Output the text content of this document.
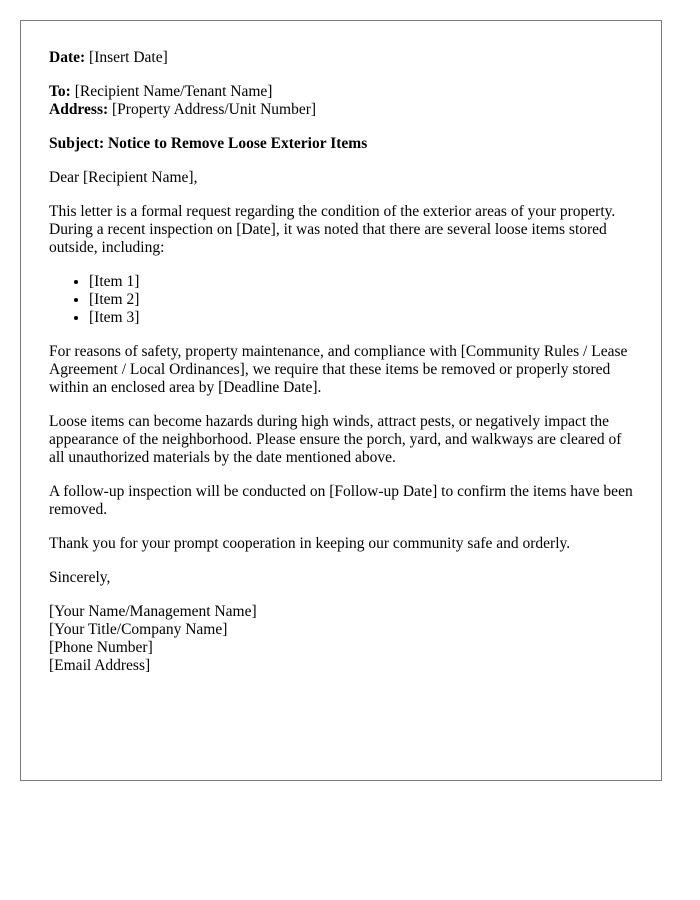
Date: [Insert Date]
To: [Recipient Name/Tenant Name]
Address: [Property Address/Unit Number]
Subject: Notice to Remove Loose Exterior Items

Dear [Recipient Name],

This letter is a formal request regarding the condition of the exterior areas of your property. During a recent inspection on [Date], it was noted that there are several loose items stored outside, including:

• [Item 1]
• [Item 2]
• [Item 3]

For reasons of safety, property maintenance, and compliance with [Community Rules / Lease Agreement / Local Ordinances], we require that these items be removed or properly stored within an enclosed area by [Deadline Date].

Loose items can become hazards during high winds, attract pests, or negatively impact the appearance of the neighborhood. Please ensure the porch, yard, and walkways are cleared of all unauthorized materials by the date mentioned above.

A follow-up inspection will be conducted on [Follow-up Date] to confirm the items have been removed.

Thank you for your prompt cooperation in keeping our community safe and orderly.

Sincerely,

[Your Name/Management Name]
[Your Title/Company Name]
[Phone Number]
[Email Address]
